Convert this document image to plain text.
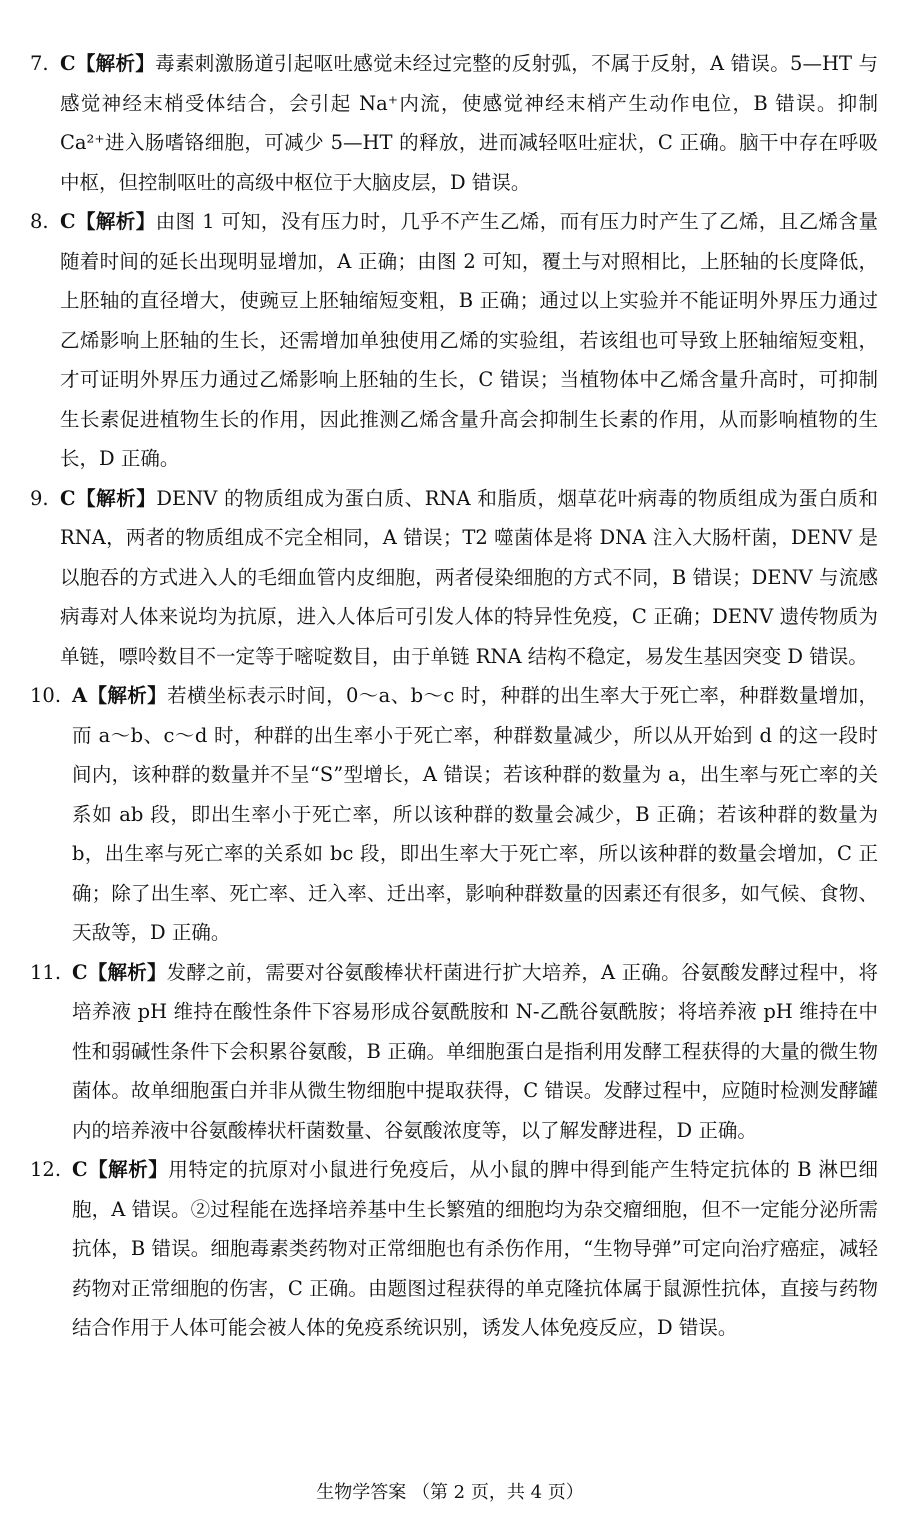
7. C【解析】毒素刺激肠道引起呕吐感觉未经过完整的反射弧，不属于反射，A 错误。5—HT 与感觉神经末梢受体结合，会引起 Na⁺内流，使感觉神经末梢产生动作电位，B 错误。抑制 Ca²⁺进入肠嗜铬细胞，可减少 5—HT 的释放，进而减轻呕吐症状，C 正确。脑干中存在呼吸中枢，但控制呕吐的高级中枢位于大脑皮层，D 错误。
8. C【解析】由图 1 可知，没有压力时，几乎不产生乙烯，而有压力时产生了乙烯，且乙烯含量随着时间的延长出现明显增加，A 正确；由图 2 可知，覆土与对照相比，上胚轴的长度降低，上胚轴的直径增大，使豌豆上胚轴缩短变粗，B 正确；通过以上实验并不能证明外界压力通过乙烯影响上胚轴的生长，还需增加单独使用乙烯的实验组，若该组也可导致上胚轴缩短变粗，才可证明外界压力通过乙烯影响上胚轴的生长，C 错误；当植物体中乙烯含量升高时，可抑制生长素促进植物生长的作用，因此推测乙烯含量升高会抑制生长素的作用，从而影响植物的生长，D 正确。
9. C【解析】DENV 的物质组成为蛋白质、RNA 和脂质，烟草花叶病毒的物质组成为蛋白质和 RNA，两者的物质组成不完全相同，A 错误；T2 噬菌体是将 DNA 注入大肠杆菌，DENV 是以胞吞的方式进入人的毛细血管内皮细胞，两者侵染细胞的方式不同，B 错误；DENV 与流感病毒对人体来说均为抗原，进入人体后可引发人体的特异性免疫，C 正确；DENV 遗传物质为单链，嘌呤数目不一定等于嘧啶数目，由于单链 RNA 结构不稳定，易发生基因突变 D 错误。
10. A【解析】若横坐标表示时间，0～a、b～c 时，种群的出生率大于死亡率，种群数量增加，而 a～b、c～d 时，种群的出生率小于死亡率，种群数量减少，所以从开始到 d 的这一段时间内，该种群的数量并不呈“S”型增长，A 错误；若该种群的数量为 a，出生率与死亡率的关系如 ab 段，即出生率小于死亡率，所以该种群的数量会减少，B 正确；若该种群的数量为 b，出生率与死亡率的关系如 bc 段，即出生率大于死亡率，所以该种群的数量会增加，C 正确；除了出生率、死亡率、迁入率、迁出率，影响种群数量的因素还有很多，如气候、食物、天敌等，D 正确。
11. C【解析】发酵之前，需要对谷氨酸棒状杆菌进行扩大培养，A 正确。谷氨酸发酵过程中，将培养液 pH 维持在酸性条件下容易形成谷氨酰胺和 N-乙酰谷氨酰胺；将培养液 pH 维持在中性和弱碱性条件下会积累谷氨酸，B 正确。单细胞蛋白是指利用发酵工程获得的大量的微生物菌体。故单细胞蛋白并非从微生物细胞中提取获得，C 错误。发酵过程中，应随时检测发酵罐内的培养液中谷氨酸棒状杆菌数量、谷氨酸浓度等，以了解发酵进程，D 正确。
12. C【解析】用特定的抗原对小鼠进行免疫后，从小鼠的脾中得到能产生特定抗体的 B 淋巴细胞，A 错误。②过程能在选择培养基中生长繁殖的细胞均为杂交瘤细胞，但不一定能分泌所需抗体，B 错误。细胞毒素类药物对正常细胞也有杀伤作用，“生物导弹”可定向治疗癌症，减轻药物对正常细胞的伤害，C 正确。由题图过程获得的单克隆抗体属于鼠源性抗体，直接与药物结合作用于人体可能会被人体的免疫系统识别，诱发人体免疫反应，D 错误。
生物学答案 （第 2 页，共 4 页）
